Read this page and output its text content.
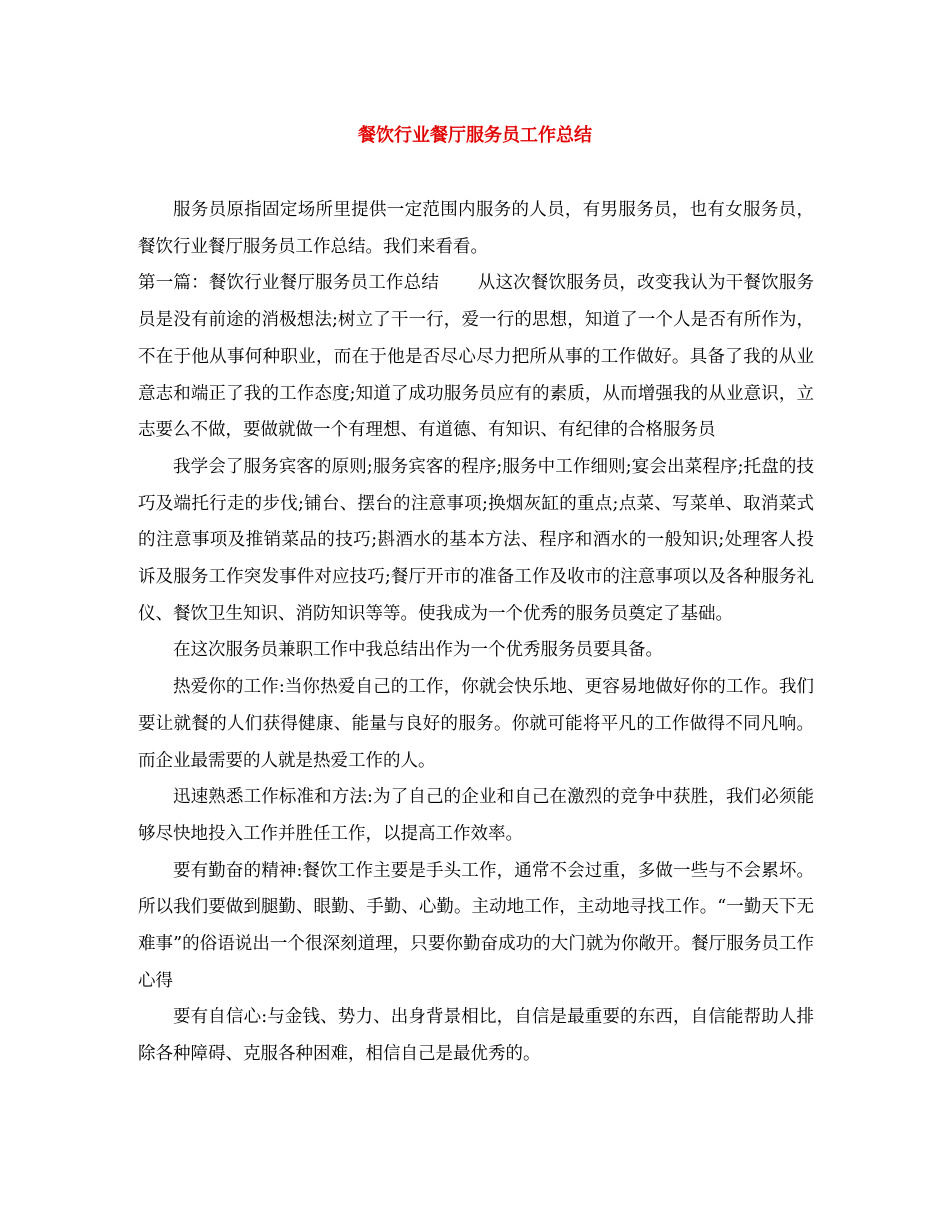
餐饮行业餐厅服务员工作总结

服务员原指固定场所里提供一定范围内服务的人员，有男服务员，也有女服务员，餐饮行业餐厅服务员工作总结。我们来看看。

第一篇：餐饮行业餐厅服务员工作总结 从这次餐饮服务员，改变我认为干餐饮服务员是没有前途的消极想法;树立了干一行，爱一行的思想，知道了一个人是否有所作为，不在于他从事何种职业，而在于他是否尽心尽力把所从事的工作做好。具备了我的从业意志和端正了我的工作态度;知道了成功服务员应有的素质，从而增强我的从业意识，立志要么不做，要做就做一个有理想、有道德、有知识、有纪律的合格服务员

我学会了服务宾客的原则;服务宾客的程序;服务中工作细则;宴会出菜程序;托盘的技巧及端托行走的步伐;铺台、摆台的注意事项;换烟灰缸的重点;点菜、写菜单、取消菜式的注意事项及推销菜品的技巧;斟酒水的基本方法、程序和酒水的一般知识;处理客人投诉及服务工作突发事件对应技巧;餐厅开市的准备工作及收市的注意事项以及各种服务礼仪、餐饮卫生知识、消防知识等等。使我成为一个优秀的服务员奠定了基础。

在这次服务员兼职工作中我总结出作为一个优秀服务员要具备。

热爱你的工作:当你热爱自己的工作，你就会快乐地、更容易地做好你的工作。我们要让就餐的人们获得健康、能量与良好的服务。你就可能将平凡的工作做得不同凡响。而企业最需要的人就是热爱工作的人。

迅速熟悉工作标准和方法:为了自己的企业和自己在激烈的竞争中获胜，我们必须能够尽快地投入工作并胜任工作，以提高工作效率。

要有勤奋的精神:餐饮工作主要是手头工作，通常不会过重，多做一些与不会累坏。所以我们要做到腿勤、眼勤、手勤、心勤。主动地工作，主动地寻找工作。“一勤天下无难事”的俗语说出一个很深刻道理，只要你勤奋成功的大门就为你敞开。餐厅服务员工作心得

要有自信心:与金钱、势力、出身背景相比，自信是最重要的东西，自信能帮助人排除各种障碍、克服各种困难，相信自己是最优秀的。
